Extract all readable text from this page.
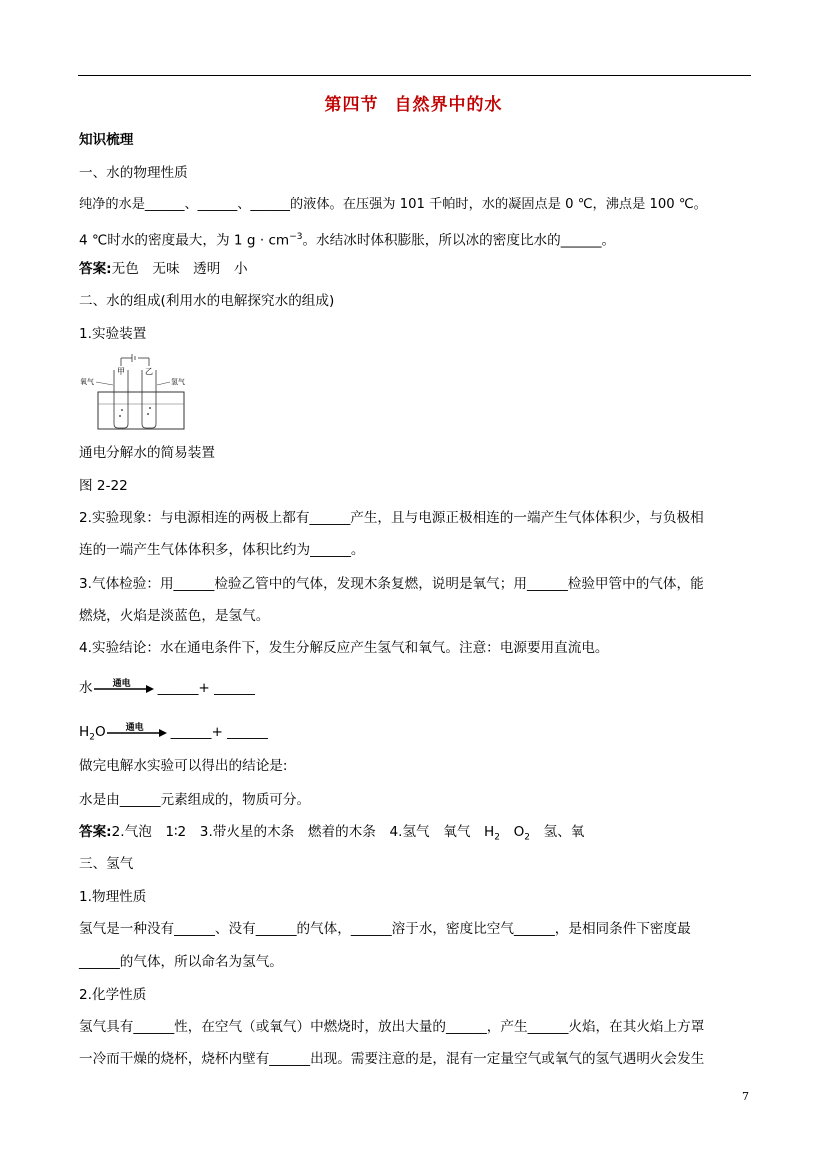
第四节 自然界中的水
知识梳理
一、水的物理性质
纯净的水是______、______、______的液体。在压强为 101 千帕时，水的凝固点是 0 ℃，沸点是 100 ℃。
4 ℃时水的密度最大，为 1 $g \cdot cm^{-3}$。水结冰时体积膨胀，所以冰的密度比水的______。
答案:无色　无味　透明　小
二、水的组成(利用水的电解探究水的组成)
1.实验装置
甲	乙
氧气	氢气
通电分解水的简易装置
图 2-22
2.实验现象：与电源相连的两极上都有______产生，且与电源正极相连的一端产生气体体积少，与负极相
连的一端产生气体体积多，体积比约为______。
3.气体检验：用______检验乙管中的气体，发现木条复燃，说明是氧气；用______检验甲管中的气体，能
燃烧，火焰是淡蓝色，是氢气。
4.实验结论：水在通电条件下，发生分解反应产生氢气和氧气。注意：电源要用直流电。
水	通电	______+ ______
$H_2O$	通电	______+ ______
做完电解水实验可以得出的结论是:
水是由______元素组成的，物质可分。
答案:2.气泡　1∶2　3.带火星的木条　燃着的木条　4.氢气　氧气　$H_2$　$O_2$　氢、氧
三、氢气
1.物理性质
氢气是一种没有______、没有______的气体，______溶于水，密度比空气______，是相同条件下密度最
______的气体，所以命名为氢气。
2.化学性质
氢气具有______性，在空气（或氧气）中燃烧时，放出大量的______，产生______火焰，在其火焰上方罩
一冷而干燥的烧杯，烧杯内壁有______出现。需要注意的是，混有一定量空气或氧气的氢气遇明火会发生
7
